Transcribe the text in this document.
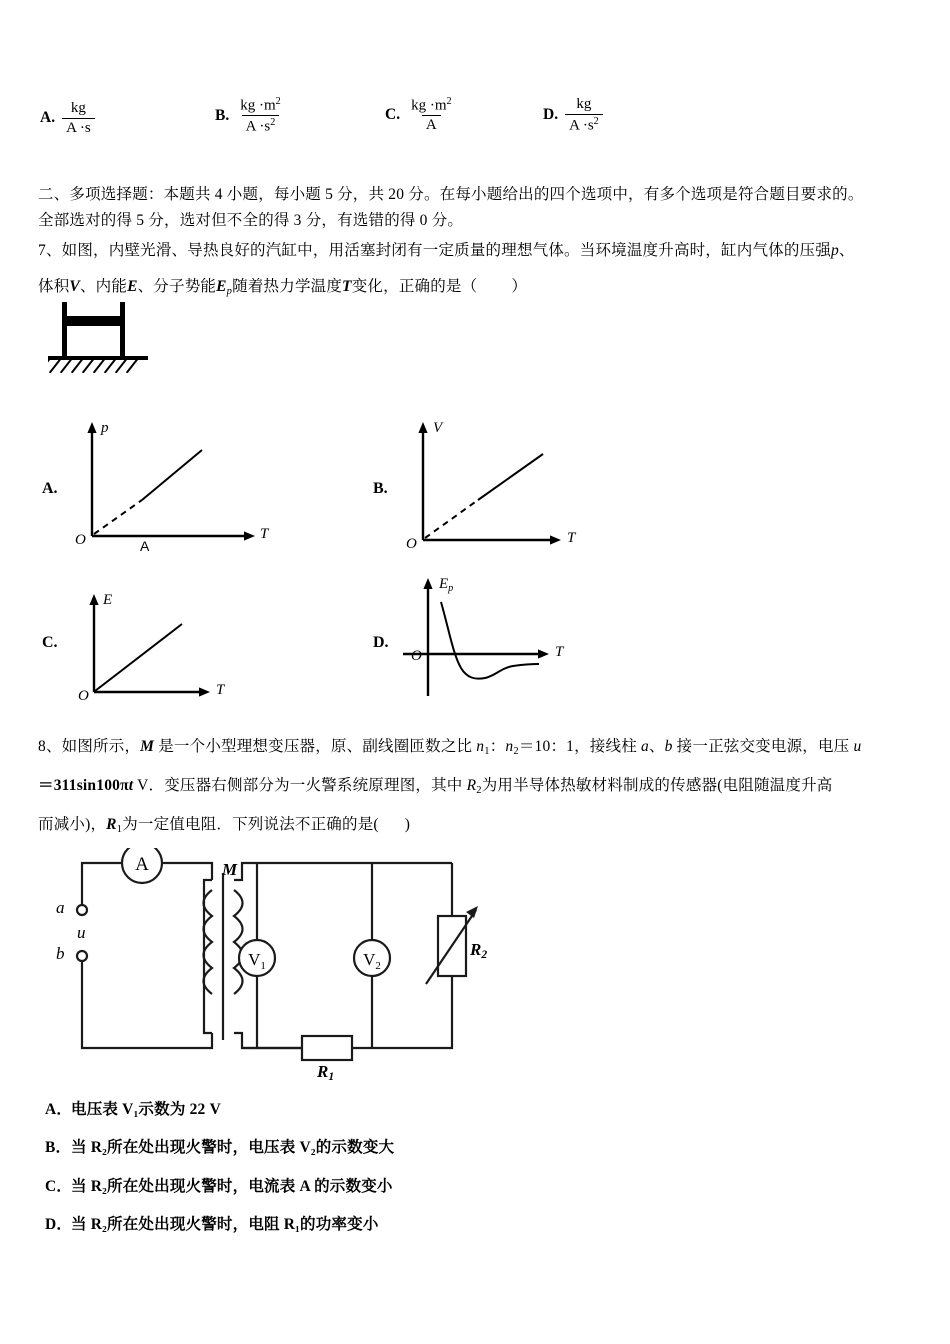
A. $\frac{kg}{A \cdot s}$	B. $\frac{kg \cdot m^2}{A \cdot s^2}$	C. $\frac{kg \cdot m^2}{A}$	D. $\frac{kg}{A \cdot s^2}$
二、多项选择题：本题共 4 小题，每小题 5 分，共 20 分。在每小题给出的四个选项中，有多个选项是符合题目要求的。
全部选对的得 5 分，选对但不全的得 3 分，有选错的得 0 分。
7、如图，内壁光滑、导热良好的汽缸中，用活塞封闭有一定质量的理想气体。当环境温度升高时，缸内气体的压强p、
体积V、内能E、分子势能$E_p$随着热力学温度T变化，正确的是（ ）
A.
p
T
O	A
B.
V
T
O
C.
E
T
O
D.
$E_p$
T
O
8、如图所示，M 是一个小型理想变压器，原、副线圈匝数之比 $n_1$：$n_2=10$：1，接线柱 a、b 接一正弦交变电源，电压 u
＝311sin100πt V．变压器右侧部分为一火警系统原理图，其中 $R_2$为用半导体热敏材料制成的传感器(电阻随温度升高
而减小)，$R_1$为一定值电阻．下列说法不正确的是( )
A
$V_1$	$V_2$
a
b
u
M
$R_2$
$R_1$
A．
电压表 V₁示数为 22 V
B． 当 R₂所在处出现火警时，电压表 V₂的示数变大
C．
当 R₂所在处出现火警时，电流表 A 的示数变小
D．
当 R₂所在处出现火警时，电阻 R₁的功率变小
